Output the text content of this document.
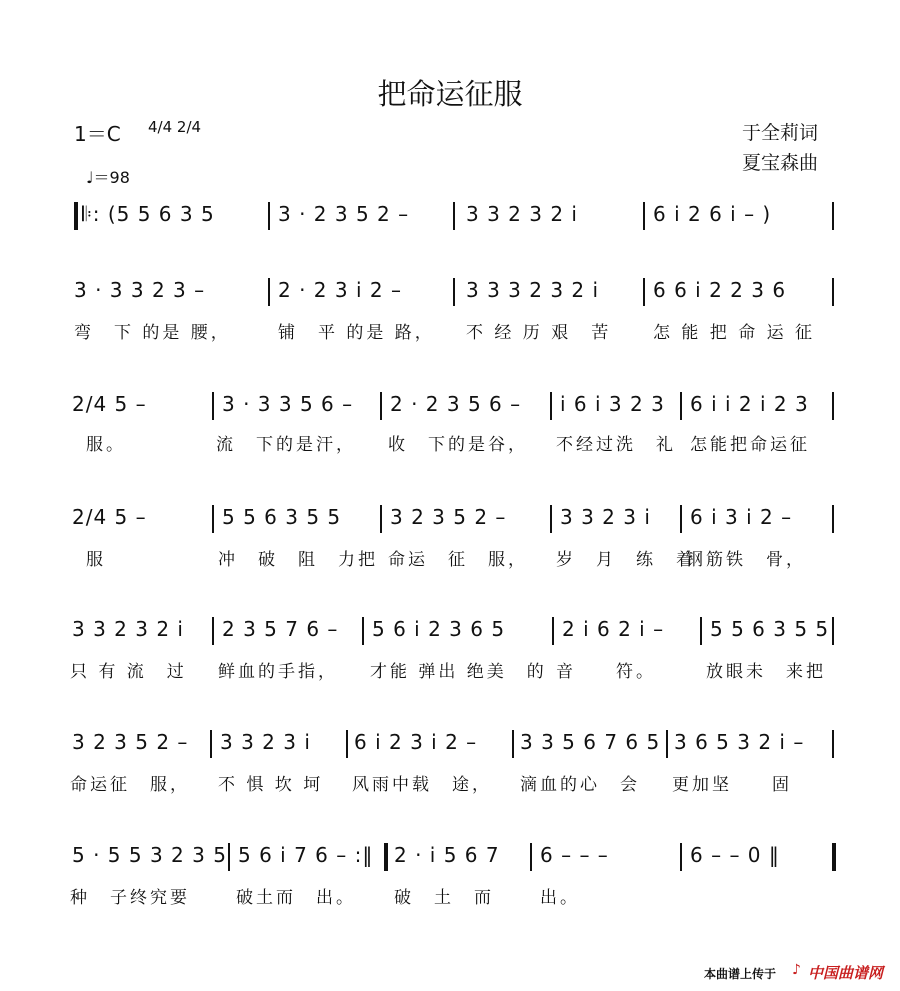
把命运征服
1＝C 4/4 2/4
♩＝98
于全莉词
夏宝森曲
𝄆: (5 5 6 3 5	3 · 2 3 5 2 –	3 3 2 3 2 i	6 i 2 6 i – )
3 · 3 3 2 3 –	2 · 2 3 i 2 –	3 3 3 2 3 2 i	6 6 i 2 2 3 6
弯　下 的是 腰，	铺　平 的是 路， 不 经 历 艰　苦 怎 能 把 命 运 征
2/4 5 –	3 · 3 3 5 6 – 2 · 2 3 5 6 – i 6 i 3 2 3 6 i i 2 i 2 3
服。	流　下的是汗， 收　下的是谷， 不经过洗　礼 怎能把命运征
2/4 5 –	5 5 6 3 5 5 3 2 3 5 2 –	3 3 2 3 i 6 i 3 i 2 –
服	冲　破　阻　力把 命运　征　服， 岁　月　练　着
钢筋铁　骨，
3 3 2 3 2 i 2 3 5 7 6 – 5 6 i 2 3 6 5	2 i 6 2 i – 5 5 6 3 5 5
只 有 流　过 鲜血的手指， 才能 弹出 绝美　的 音　　符。	放眼未　来把
3 2 3 5 2 – 3 3 2 3 i 6 i 2 3 i 2 – 3 3 5 6 7 6 5 3 6 5 3 2 i –
命运征　服， 不 惧 坎 坷 风雨中载　途， 滴血的心　会 更加坚　　固
5 · 5 5 3 2 3 5 5 6 i 7 6 – :‖ 2 · i 5 6 7 6 – – –	6 – – 0 ‖
种　子终究要	破土而　出。 破　土　而	出。
本曲谱上传于 ♪ 中国曲谱网
